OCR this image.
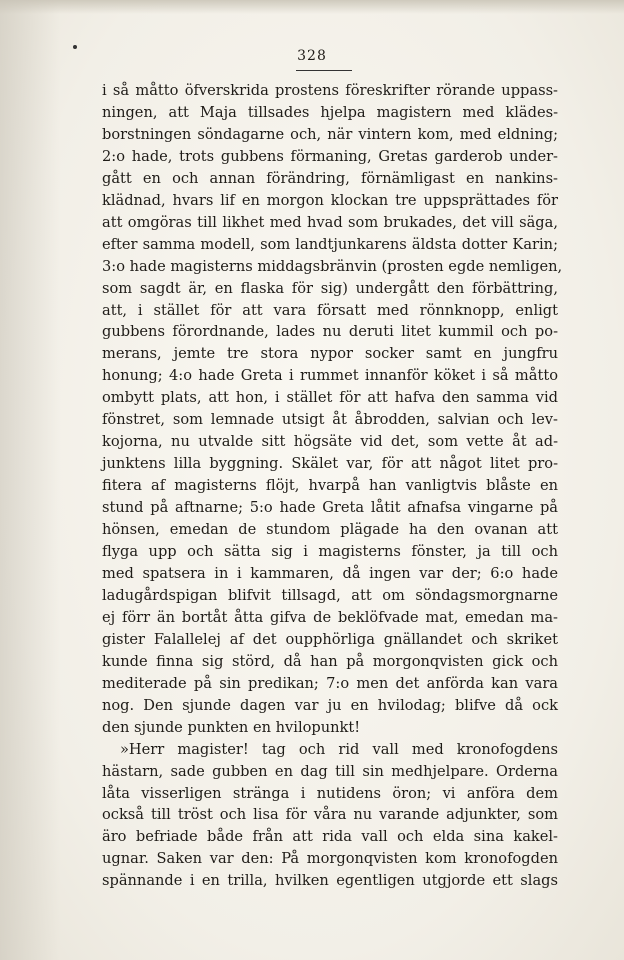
328
i så måtto öfverskrida prostens föreskrifter rörande uppass-
ningen, att Maja tillsades hjelpa magistern med klädes-
borstningen söndagarne och, när vintern kom, med eldning;
2:o hade, trots gubbens förmaning, Gretas garderob under-
gått en och annan förändring, förnämligast en nankins-
klädnad, hvars lif en morgon klockan tre uppsprättades för
att omgöras till likhet med hvad som brukades, det vill säga,
efter samma modell, som landtjunkarens äldsta dotter Karin;
3:o hade magisterns middagsbränvin (prosten egde nemligen,
som sagdt är, en flaska för sig) undergått den förbättring,
att, i stället för att vara försatt med rönnknopp, enligt
gubbens förordnande, lades nu deruti litet kummil och po-
merans, jemte tre stora nypor socker samt en jungfru
honung; 4:o hade Greta i rummet innanför köket i så måtto
ombytt plats, att hon, i stället för att hafva den samma vid
fönstret, som lemnade utsigt åt åbrodden, salvian och lev-
kojorna, nu utvalde sitt högsäte vid det, som vette åt ad-
junktens lilla byggning. Skälet var, för att något litet pro-
fitera af magisterns flöjt, hvarpå han vanligtvis blåste en
stund på aftnarne; 5:o hade Greta låtit afnafsa vingarne på
hönsen, emedan de stundom plägade ha den ovanan att
flyga upp och sätta sig i magisterns fönster, ja till och
med spatsera in i kammaren, då ingen var der; 6:o hade
ladugårdspigan blifvit tillsagd, att om söndagsmorgnarne
ej förr än bortåt åtta gifva de beklöfvade mat, emedan ma-
gister Falallelej af det oupphörliga gnällandet och skriket
kunde finna sig störd, då han på morgonqvisten gick och
mediterade på sin predikan; 7:o men det anförda kan vara
nog. Den sjunde dagen var ju en hvilodag; blifve då ock
den sjunde punkten en hvilopunkt!
»Herr magister! tag och rid vall med kronofogdens
hästarn, sade gubben en dag till sin medhjelpare. Orderna
låta visserligen stränga i nutidens öron; vi anföra dem
också till tröst och lisa för våra nu varande adjunkter, som
äro befriade både från att rida vall och elda sina kakel-
ugnar. Saken var den: På morgonqvisten kom kronofogden
spännande i en trilla, hvilken egentligen utgjorde ett slags
